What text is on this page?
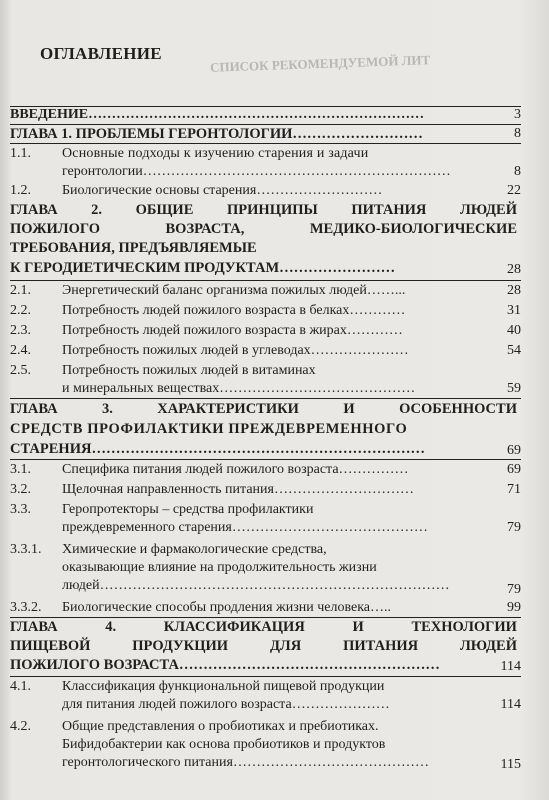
СПИСОК РЕКОМЕНДУЕМОЙ ЛИТ
ОГЛАВЛЕНИЕ
ВВЕДЕНИЕ………………………………………………………………	3
ГЛАВА 1. ПРОБЛЕМЫ ГЕРОНТОЛОГИИ………………………	8
1.1. Основные подходы к изучению старения и задачи
геронтологии…………………………………………………………	8
1.2. Биологические основы старения………………………	22
ГЛАВА 2. ОБЩИЕ ПРИНЦИПЫ ПИТАНИЯ ЛЮДЕЙ
ПОЖИЛОГО	ВОЗРАСТА,	МЕДИКО-БИОЛОГИЧЕСКИЕ
ТРЕБОВАНИЯ, ПРЕДЪЯВЛЯЕМЫЕ
К ГЕРОДИЕТИЧЕСКИМ ПРОДУКТАМ……………………	28
2.1. Энергетический баланс организма пожилых людей……...	28
2.2. Потребность людей пожилого возраста в белках…………	31
2.3. Потребность людей пожилого возраста в жирах…………	40
2.4. Потребность пожилых людей в углеводах…………………	54
2.5. Потребность пожилых людей в витаминах
и минеральных веществах……………………………………	59
ГЛАВА	3.	ХАРАКТЕРИСТИКИ	И	ОСОБЕННОСТИ
СРЕДСТВ ПРОФИЛАКТИКИ ПРЕЖДЕВРЕМЕННОГО
СТАРЕНИЯ……………………………………………………………	69
3.1. Специфика питания людей пожилого возраста……………	69
3.2. Щелочная направленность питания…………………………	71
3.3. Геропротекторы – средства профилактики
преждевременного старения……………………………………	79
3.3.1. Химические и фармакологические средства,
оказывающие влияние на продолжительность жизни
людей…………………………………………………………………	79
3.3.2. Биологические способы продления жизни человека…..	99
ГЛАВА	4.	КЛАССИФИКАЦИЯ	И	ТЕХНОЛОГИИ
ПИЩЕВОЙ	ПРОДУКЦИИ	ДЛЯ	ПИТАНИЯ	ЛЮДЕЙ
ПОЖИЛОГО ВОЗРАСТА………………………………………………	114
4.1. Классификация функциональной пищевой продукции
для питания людей пожилого возраста…………………	114
4.2. Общие представления о пробиотиках и пребиотиках.
Бифидобактерии как основа пробиотиков и продуктов
геронтологического питания……………………………………	115
